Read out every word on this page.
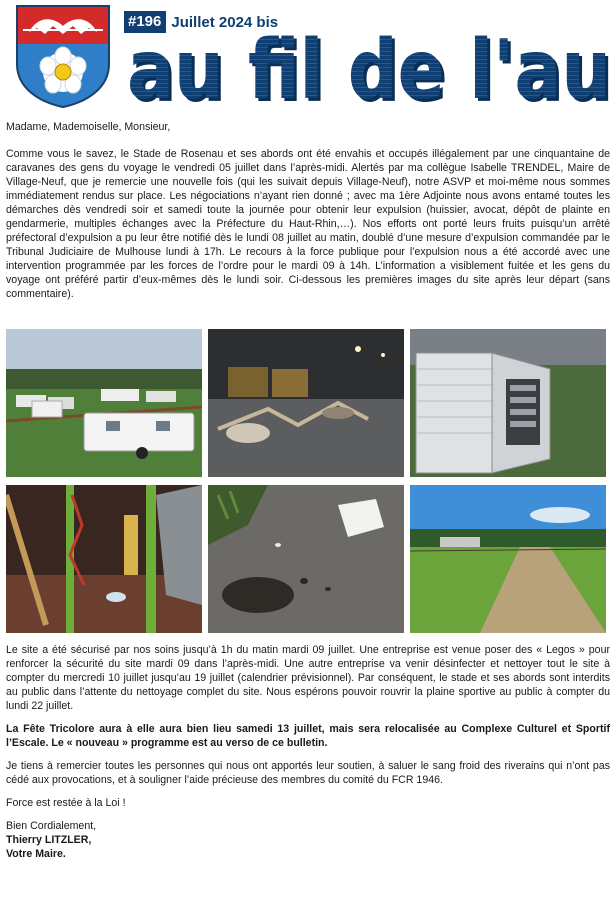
#196 Juillet 2024 bis
au fil de l'au
au fil de l'au

Madame, Mademoiselle, Monsieur,

Comme vous le savez, le Stade de Rosenau et ses abords ont été envahis et occupés illégalement par une cinquantaine de caravanes des gens du voyage le vendredi 05 juillet dans l’après-midi. Alertés par ma collègue Isabelle TRENDEL, Maire de Village-Neuf, que je remercie une nouvelle fois (qui les suivait depuis Village-Neuf), notre ASVP et moi-même nous sommes immédiatement rendus sur place. Les négociations n’ayant rien donné ; avec ma 1ère Adjointe nous avons entamé toutes les démarches dès vendredi soir et samedi toute la journée pour obtenir leur expulsion (huissier, avocat, dépôt de plainte en gendarmerie, multiples échanges avec la Préfecture du Haut-Rhin,…). Nos efforts ont porté leurs fruits puisqu’un arrêté préfectoral d’expulsion a pu leur être notifié dès le lundi 08 juillet au matin, doublé d’une mesure d’expulsion commandée par le Tribunal Judiciaire de Mulhouse lundi à 17h. Le recours à la force publique pour l’expulsion nous a été accordé avec une intervention programmée par les forces de l’ordre pour le mardi 09 à 14h. L’information a visiblement fuitée et les gens du voyage ont préféré partir d’eux-mêmes dès le lundi soir. Ci-dessous les premières images du site après leur départ (sans commentaire).

Le site a été sécurisé par nos soins jusqu’à 1h du matin mardi 09 juillet. Une entreprise est venue poser des « Legos » pour renforcer la sécurité du site mardi 09 dans l’après-midi. Une autre entreprise va venir désinfecter et nettoyer tout le site à compter du mercredi 10 juillet jusqu’au 19 juillet (calendrier prévisionnel). Par conséquent, le stade et ses abords sont interdits au public dans l’attente du nettoyage complet du site. Nous espérons pouvoir rouvrir la plaine sportive au public à compter du lundi 22 juillet.

La Fête Tricolore aura à elle aura bien lieu samedi 13 juillet, mais sera relocalisée au Complexe Culturel et Sportif l’Escale. Le « nouveau » programme est au verso de ce bulletin.

Je tiens à remercier toutes les personnes qui nous ont apportés leur soutien, à saluer le sang froid des riverains qui n’ont pas cédé aux provocations, et à souligner l’aide précieuse des membres du comité du FCR 1946.

Force est restée à la Loi !

Bien Cordialement,

Thierry LITZLER,

Votre Maire.
